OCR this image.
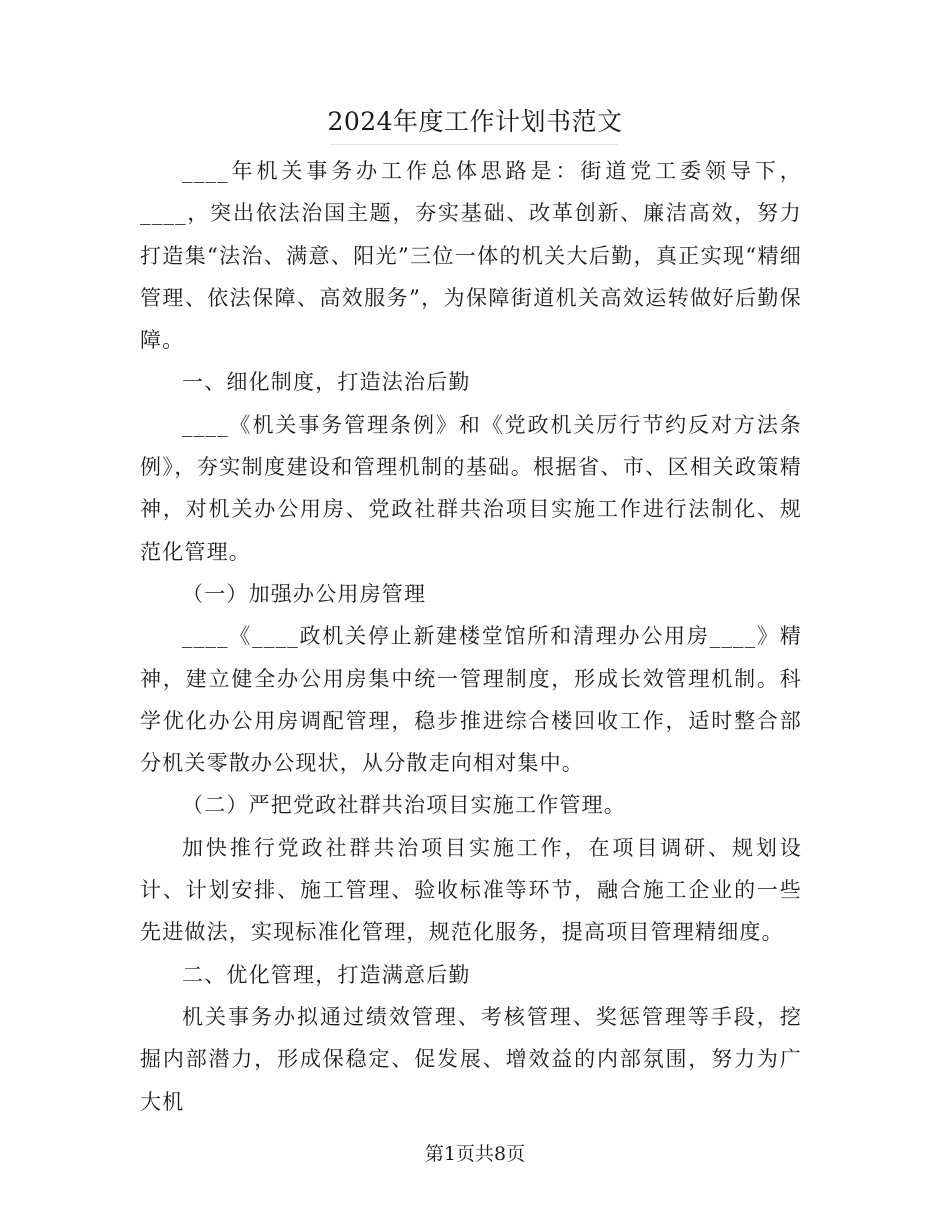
2024年度工作计划书范文

____年机关事务办工作总体思路是：街道党工委领导下，____，突出依法治国主题，夯实基础、改革创新、廉洁高效，努力打造集“法治、满意、阳光”三位一体的机关大后勤，真正实现“精细管理、依法保障、高效服务”，为保障街道机关高效运转做好后勤保障。

一、细化制度，打造法治后勤

____《机关事务管理条例》和《党政机关厉行节约反对方法条例》，夯实制度建设和管理机制的基础。根据省、市、区相关政策精神，对机关办公用房、党政社群共治项目实施工作进行法制化、规范化管理。

（一）加强办公用房管理

____《____政机关停止新建楼堂馆所和清理办公用房____》精神，建立健全办公用房集中统一管理制度，形成长效管理机制。科学优化办公用房调配管理，稳步推进综合楼回收工作，适时整合部分机关零散办公现状，从分散走向相对集中。

（二）严把党政社群共治项目实施工作管理。

加快推行党政社群共治项目实施工作，在项目调研、规划设计、计划安排、施工管理、验收标准等环节，融合施工企业的一些先进做法，实现标准化管理，规范化服务，提高项目管理精细度。

二、优化管理，打造满意后勤

机关事务办拟通过绩效管理、考核管理、奖惩管理等手段，挖掘内部潜力，形成保稳定、促发展、增效益的内部氛围，努力为广大机

第1页共8页
